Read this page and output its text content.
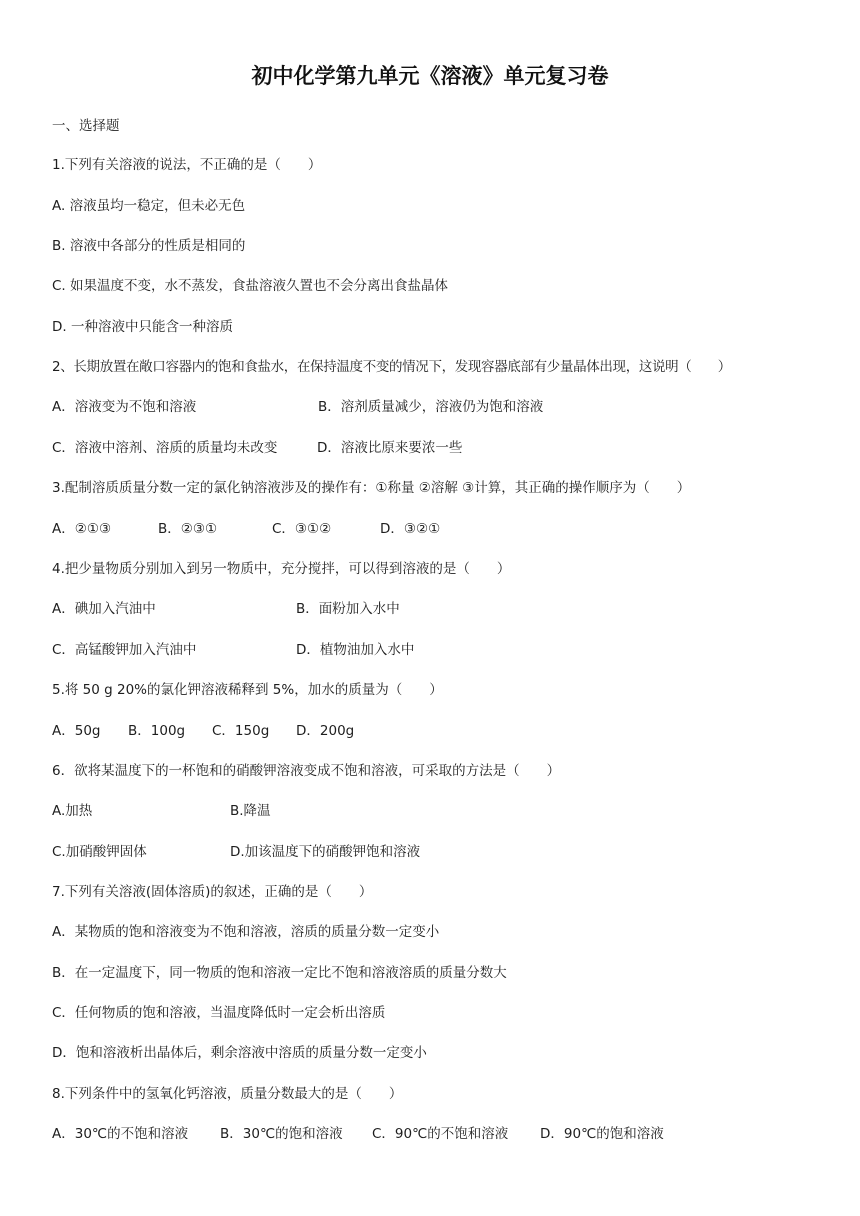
初中化学第九单元《溶液》单元复习卷
一、选择题
1.下列有关溶液的说法，不正确的是（　　）
A. 溶液虽均一稳定，但未必无色
B. 溶液中各部分的性质是相同的
C. 如果温度不变，水不蒸发，食盐溶液久置也不会分离出食盐晶体
D. 一种溶液中只能含一种溶质
2、长期放置在敞口容器内的饱和食盐水，在保持温度不变的情况下，发现容器底部有少量晶体出现，这说明（　　）
A．溶液变为不饱和溶液	B．溶剂质量减少，溶液仍为饱和溶液
C．溶液中溶剂、溶质的质量均未改变	D．溶液比原来要浓一些
3.配制溶质质量分数一定的氯化钠溶液涉及的操作有：①称量 ②溶解 ③计算，其正确的操作顺序为（　　）
A．②①③	B．②③①	C．③①②	D．③②①
4.把少量物质分别加入到另一物质中，充分搅拌，可以得到溶液的是（　　）
A．碘加入汽油中	B．面粉加入水中
C．高锰酸钾加入汽油中	D．植物油加入水中
5.将 50 g 20%的氯化钾溶液稀释到 5%，加水的质量为（　　）
A．50g B．100g C．150g D．200g
6．欲将某温度下的一杯饱和的硝酸钾溶液变成不饱和溶液，可采取的方法是（　　）
A.加热	B.降温
C.加硝酸钾固体	D.加该温度下的硝酸钾饱和溶液
7.下列有关溶液(固体溶质)的叙述，正确的是（　　）
A．某物质的饱和溶液变为不饱和溶液，溶质的质量分数一定变小
B．在一定温度下，同一物质的饱和溶液一定比不饱和溶液溶质的质量分数大
C．任何物质的饱和溶液，当温度降低时一定会析出溶质
D．饱和溶液析出晶体后，剩余溶液中溶质的质量分数一定变小
8.下列条件中的氢氧化钙溶液，质量分数最大的是（　　）
A．30℃的不饱和溶液 B．30℃的饱和溶液 C．90℃的不饱和溶液 D．90℃的饱和溶液
